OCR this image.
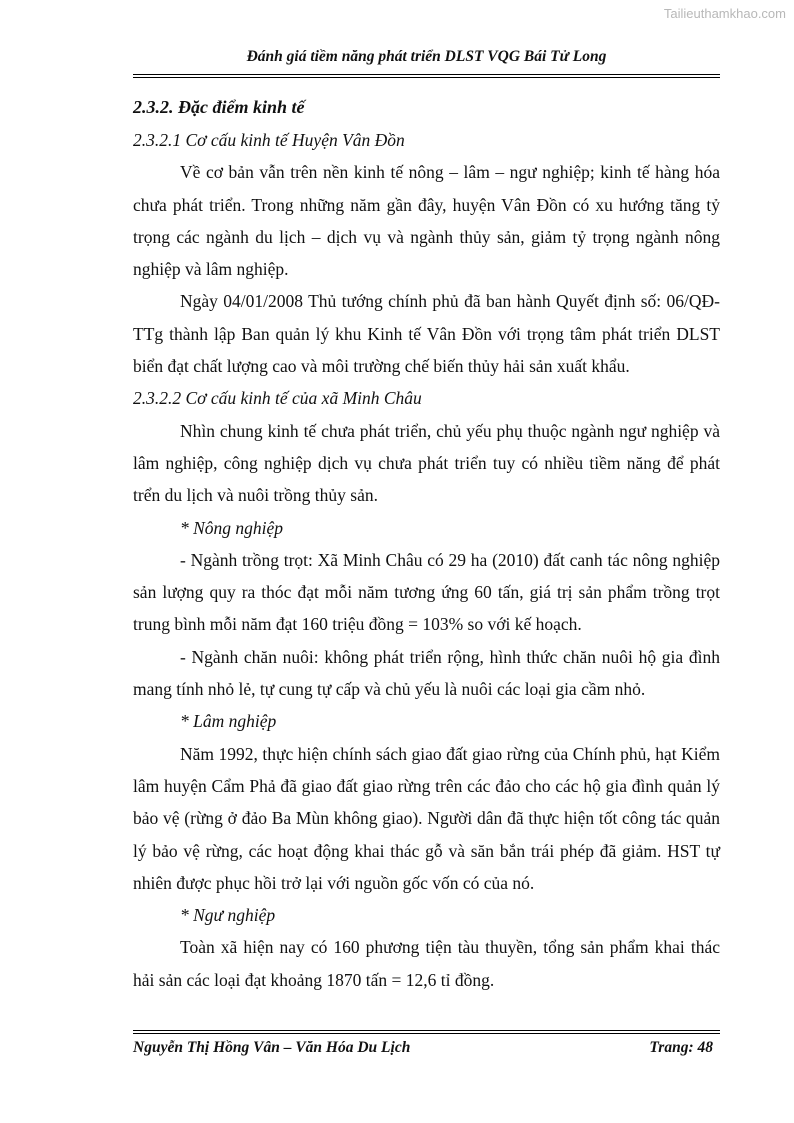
Tailieuthamkhao.com
Đánh giá tiềm năng phát triển DLST VQG Bái Tử Long

2.3.2. Đặc điểm kinh tế

2.3.2.1 Cơ cấu kinh tế Huyện Vân Đồn

Về cơ bản vẫn trên nền kinh tế nông – lâm – ngư nghiệp; kinh tế hàng hóa chưa phát triển. Trong những năm gần đây, huyện Vân Đồn có xu hướng tăng tỷ trọng các ngành du lịch – dịch vụ và ngành thủy sản, giảm tỷ trọng ngành nông nghiệp và lâm nghiệp.

Ngày 04/01/2008 Thủ tướng chính phủ đã ban hành Quyết định số: 06/QĐ-TTg thành lập Ban quản lý khu Kinh tế Vân Đồn với trọng tâm phát triển DLST biển đạt chất lượng cao và môi trường chế biến thủy hải sản xuất khẩu.

2.3.2.2 Cơ cấu kinh tế của xã Minh Châu

Nhìn chung kinh tế chưa phát triển, chủ yếu phụ thuộc ngành ngư nghiệp và lâm nghiệp, công nghiệp dịch vụ chưa phát triển tuy có nhiều tiềm năng để phát trển du lịch và nuôi trồng thủy sản.

* Nông nghiệp

- Ngành trồng trọt: Xã Minh Châu có 29 ha (2010) đất canh tác nông nghiệp sản lượng quy ra thóc đạt mỗi năm tương ứng 60 tấn, giá trị sản phẩm trồng trọt trung bình mỗi năm đạt 160 triệu đồng = 103% so với kế hoạch.

- Ngành chăn nuôi: không phát triển rộng, hình thức chăn nuôi hộ gia đình mang tính nhỏ lẻ, tự cung tự cấp và chủ yếu là nuôi các loại gia cầm nhỏ.

* Lâm nghiệp

Năm 1992, thực hiện chính sách giao đất giao rừng của Chính phủ, hạt Kiểm lâm huyện Cẩm Phả đã giao đất giao rừng trên các đảo cho các hộ gia đình quản lý bảo vệ (rừng ở đảo Ba Mùn không giao). Người dân đã thực hiện tốt công tác quản lý bảo vệ rừng, các hoạt động khai thác gỗ và săn bắn trái phép đã giảm. HST tự nhiên được phục hồi trở lại với nguồn gốc vốn có của nó.

* Ngư nghiệp

Toàn xã hiện nay có 160 phương tiện tàu thuyền, tổng sản phẩm khai thác hải sản các loại đạt khoảng 1870 tấn = 12,6 tỉ đồng.

Nguyễn Thị Hồng Vân – Văn Hóa Du Lịch	Trang: 48
